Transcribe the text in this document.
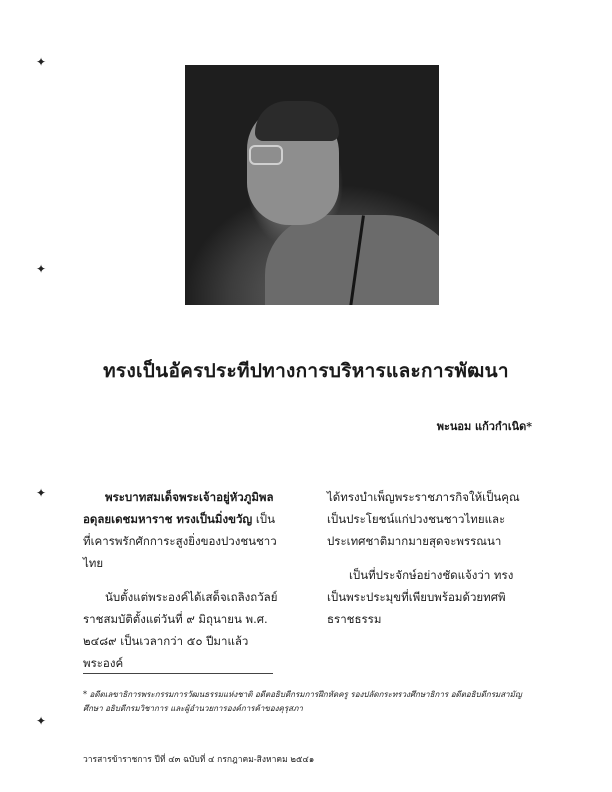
✦
✦
✦
✦
ทรงเป็นอัครประทีปทางการบริหารและการพัฒนา
พะนอม แก้วกำเนิด*

พระบาทสมเด็จพระเจ้าอยู่หัวภูมิพลอดุลยเดชมหาราช ทรงเป็นมิ่งขวัญ เป็นที่เคารพรักศักการะสูงยิ่งของปวงชนชาวไทย

นับตั้งแต่พระองค์ได้เสด็จเถลิงถวัลย์ราชสมบัติตั้งแต่วันที่ ๙ มิถุนายน พ.ศ. ๒๔๘๙ เป็นเวลากว่า ๕๐ ปีมาแล้ว พระองค์

ได้ทรงบำเพ็ญพระราชภารกิจให้เป็นคุณเป็นประโยชน์แก่ปวงชนชาวไทยและประเทศชาติมากมายสุดจะพรรณนา

เป็นที่ประจักษ์อย่างชัดแจ้งว่า ทรงเป็นพระประมุขที่เพียบพร้อมด้วยทศพิธราชธรรม

* อดีตเลขาธิการพระกรรมการวัฒนธรรมแห่งชาติ อดีตอธิบดีกรมการฝึกหัดครู รองปลัดกระทรวงศึกษาธิการ อดีตอธิบดีกรมสามัญศึกษา อธิบดีกรมวิชาการ และผู้อำนวยการองค์การค้าของคุรุสภา

วารสารข้าราชการ ปีที่ ๔๓ ฉบับที่ ๔ กรกฎาคม-สิงหาคม ๒๕๔๑
